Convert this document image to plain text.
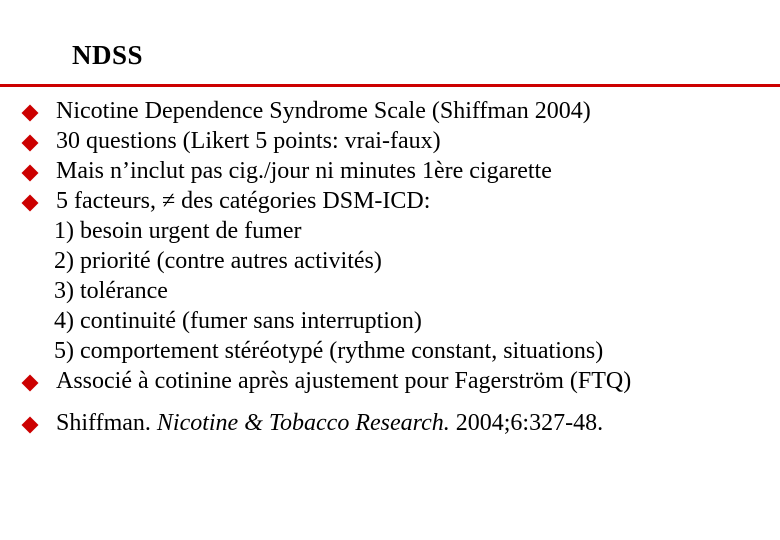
NDSS
Nicotine Dependence Syndrome Scale (Shiffman 2004)
30 questions (Likert 5 points: vrai-faux)
Mais n’inclut pas cig./jour ni minutes 1ère cigarette
5 facteurs, ≠ des catégories DSM-ICD:
1) besoin urgent de fumer
2) priorité (contre autres activités)
3) tolérance
4) continuité (fumer sans interruption)
5) comportement stéréotypé (rythme constant, situations)
Associé à cotinine après ajustement pour Fagerström (FTQ)
Shiffman. Nicotine & Tobacco Research. 2004;6:327-48.
